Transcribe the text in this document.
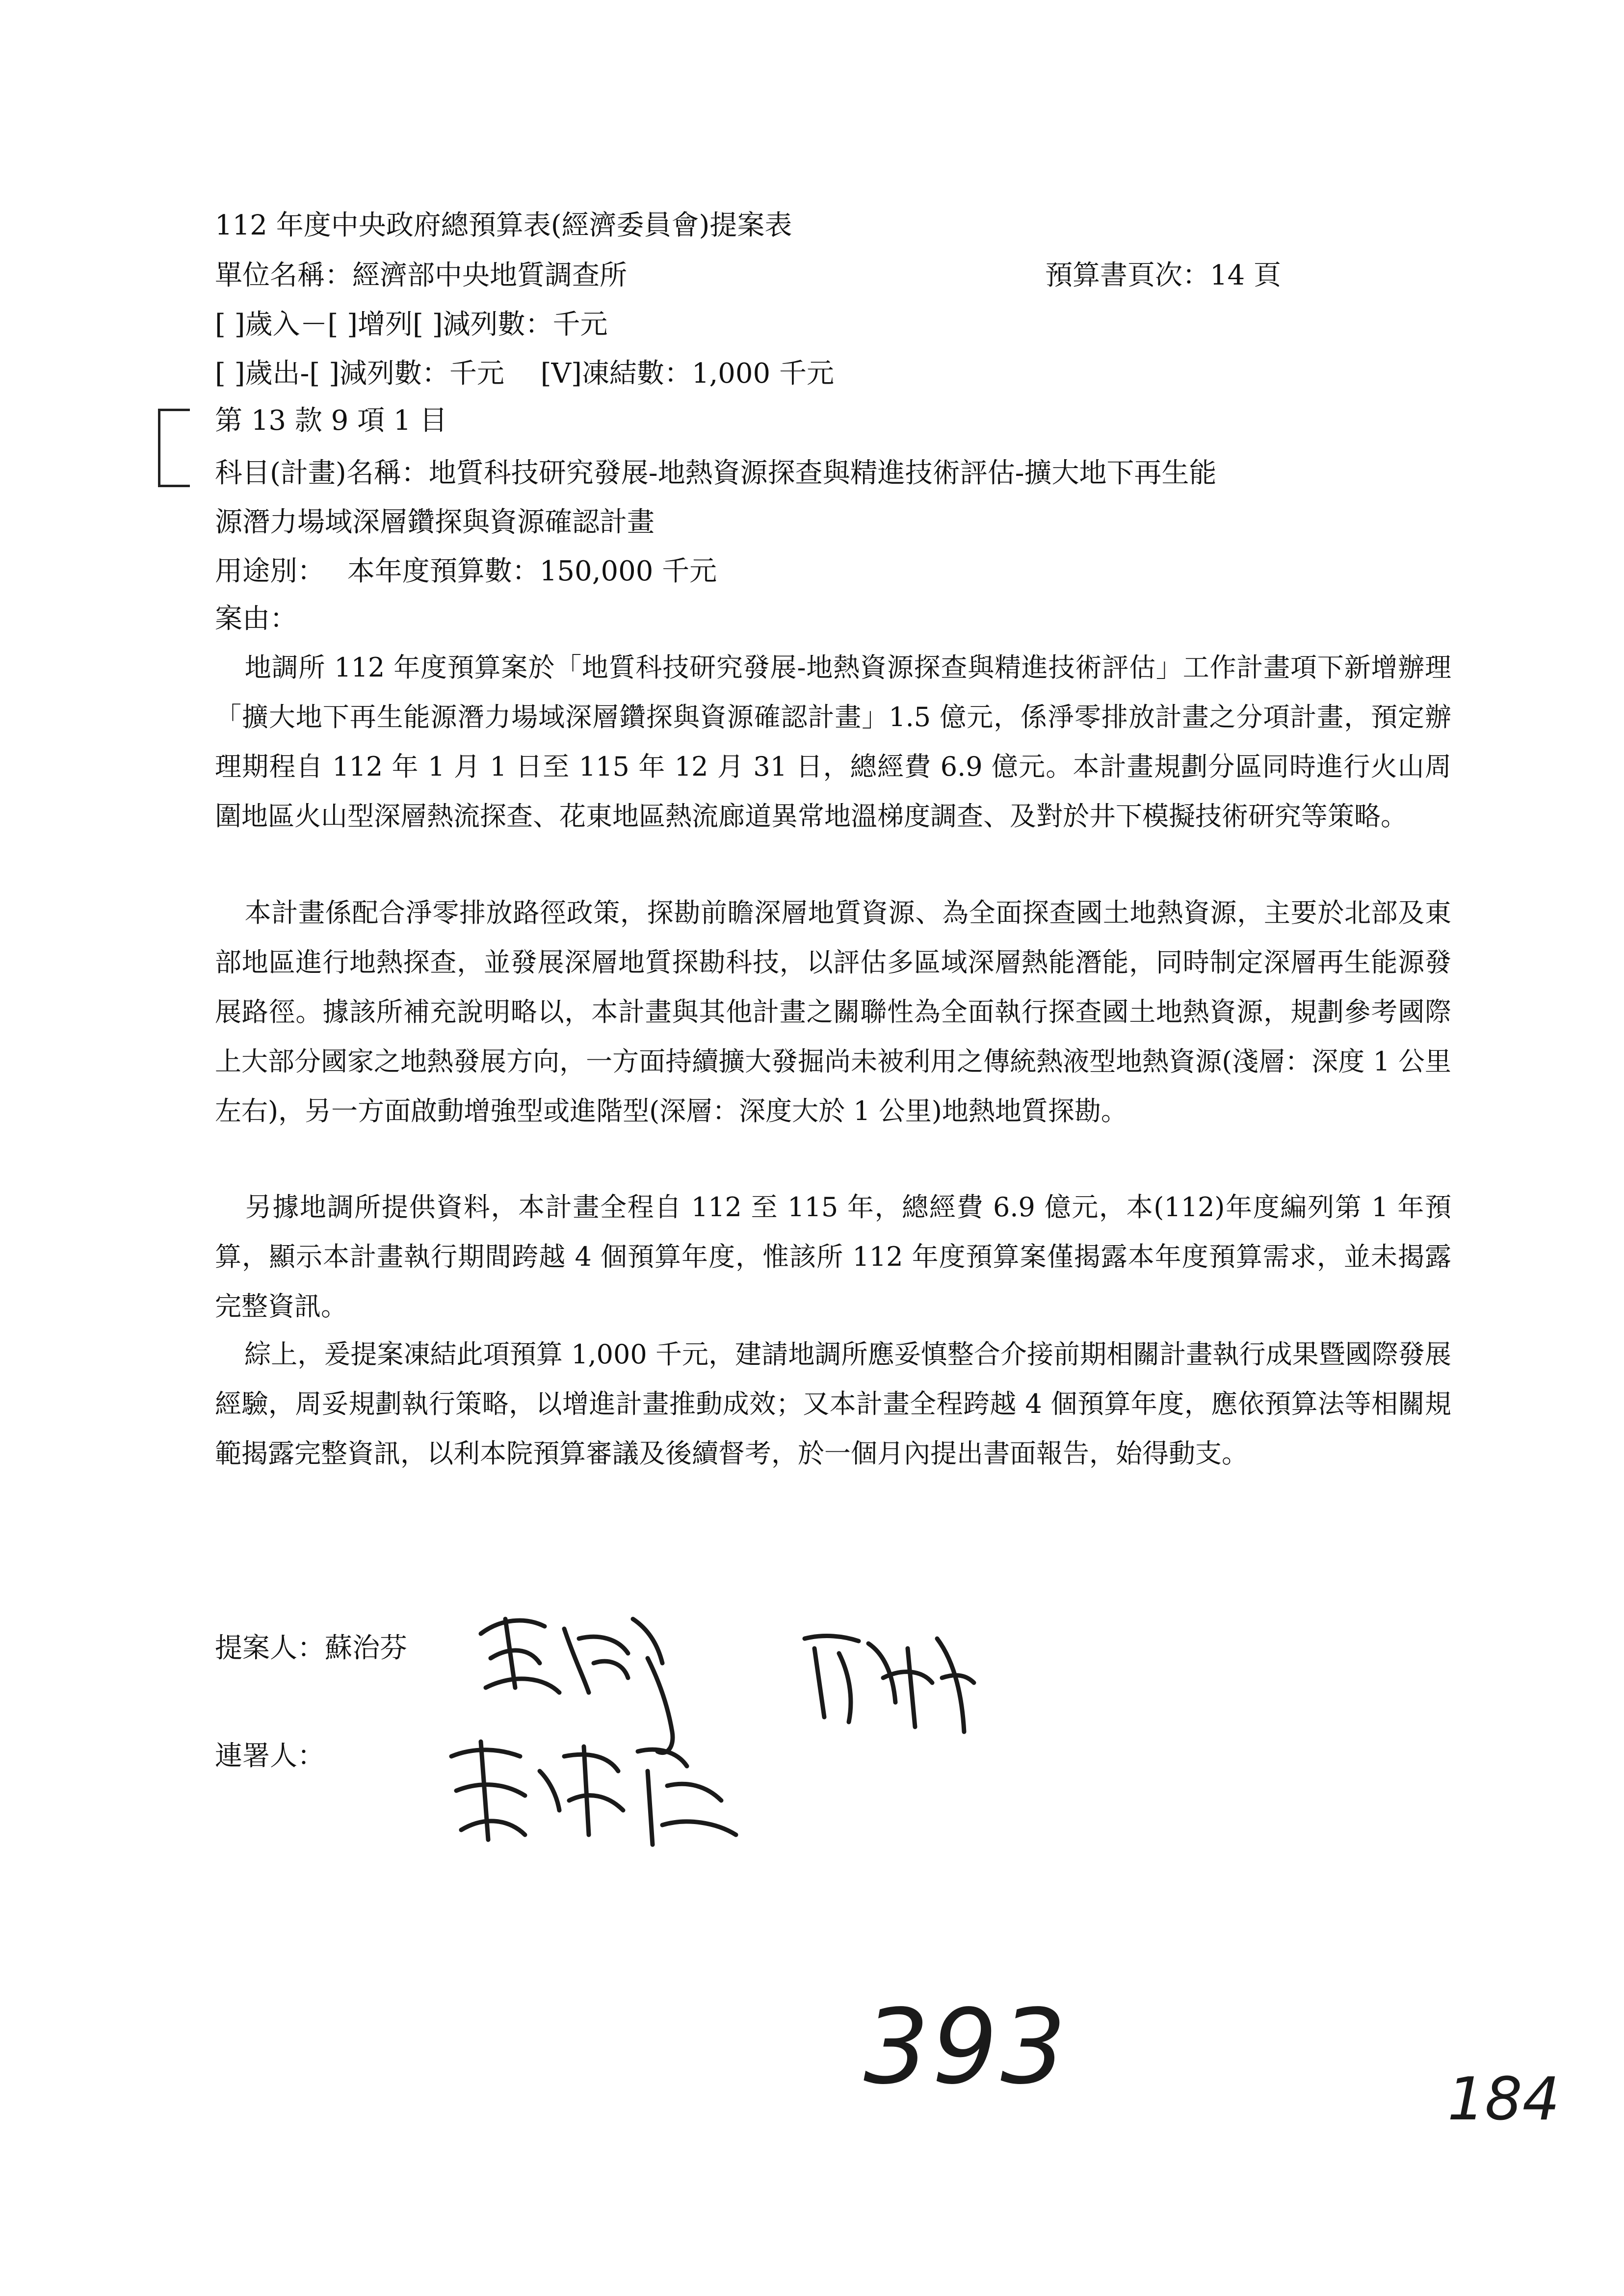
112 年度中央政府總預算表(經濟委員會)提案表
單位名稱：經濟部中央地質調查所	預算書頁次：14 頁
[ ]歲入－[ ]增列[ ]減列數：千元
[ ]歲出-[ ]減列數：千元　 [V]凍結數：1,000 千元
第 13 款 9 項 1 目
科目(計畫)名稱：地質科技研究發展-地熱資源探查與精進技術評估-擴大地下再生能
源潛力場域深層鑽探與資源確認計畫
用途別：　 本年度預算數：150,000 千元
案由：
地調所 112 年度預算案於「地質科技研究發展-地熱資源探查與精進技術評估」工作計畫項下新增辦理「擴大地下再生能源潛力場域深層鑽探與資源確認計畫」1.5 億元，係淨零排放計畫之分項計畫，預定辦理期程自 112 年 1 月 1 日至 115 年 12 月 31 日，總經費 6.9 億元。本計畫規劃分區同時進行火山周圍地區火山型深層熱流探查、花東地區熱流廊道異常地溫梯度調查、及對於井下模擬技術研究等策略。
本計畫係配合淨零排放路徑政策，探勘前瞻深層地質資源、為全面探查國土地熱資源，主要於北部及東部地區進行地熱探查，並發展深層地質探勘科技，以評估多區域深層熱能潛能，同時制定深層再生能源發展路徑。據該所補充說明略以，本計畫與其他計畫之關聯性為全面執行探查國土地熱資源，規劃參考國際上大部分國家之地熱發展方向，一方面持續擴大發掘尚未被利用之傳統熱液型地熱資源(淺層：深度 1 公里左右)，另一方面啟動增強型或進階型(深層：深度大於 1 公里)地熱地質探勘。
另據地調所提供資料，本計畫全程自 112 至 115 年，總經費 6.9 億元，本(112)年度編列第 1 年預算，顯示本計畫執行期間跨越 4 個預算年度，惟該所 112 年度預算案僅揭露本年度預算需求，並未揭露完整資訊。
綜上，爰提案凍結此項預算 1,000 千元，建請地調所應妥慎整合介接前期相關計畫執行成果暨國際發展經驗，周妥規劃執行策略，以增進計畫推動成效；又本計畫全程跨越 4 個預算年度，應依預算法等相關規範揭露完整資訊，以利本院預算審議及後續督考，於一個月內提出書面報告，始得動支。
提案人：蘇治芬
連署人：
393	184
